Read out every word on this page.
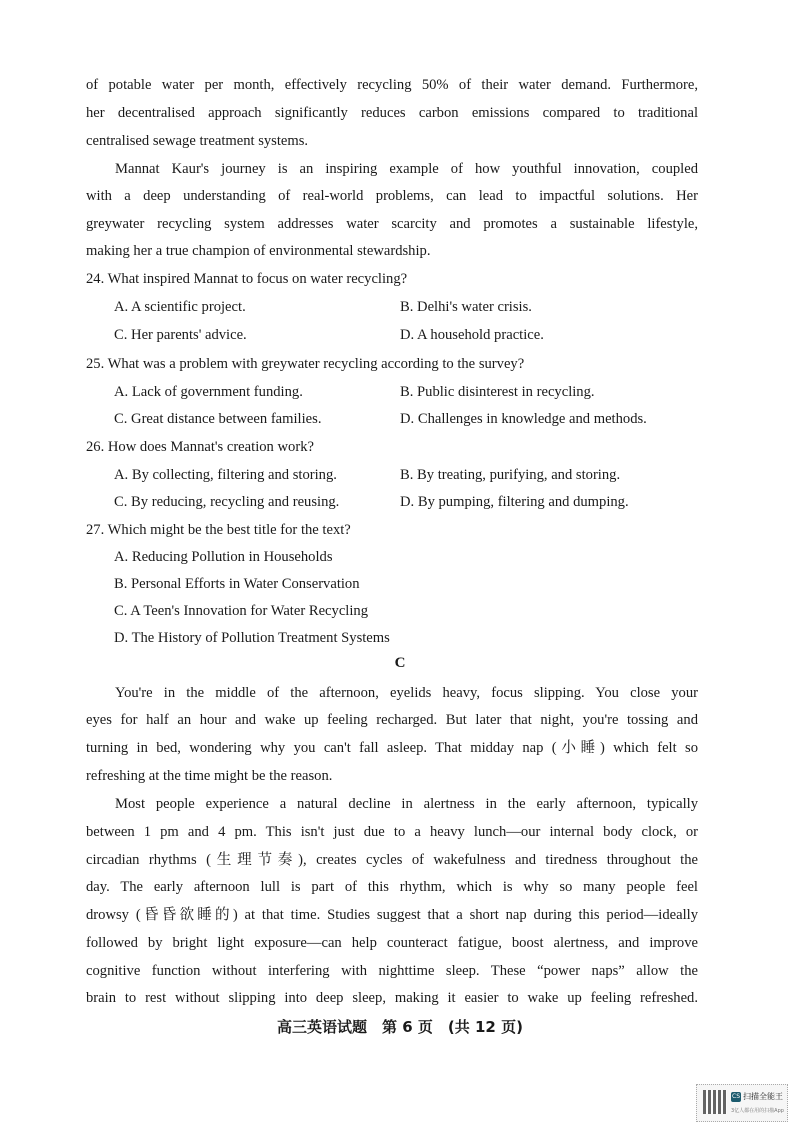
of potable water per month, effectively recycling 50% of their water demand. Furthermore,
her decentralised approach significantly reduces carbon emissions compared to traditional
centralised sewage treatment systems.
Mannat Kaur's journey is an inspiring example of how youthful innovation, coupled
with a deep understanding of real-world problems, can lead to impactful solutions. Her
greywater recycling system addresses water scarcity and promotes a sustainable lifestyle,
making her a true champion of environmental stewardship.
24. What inspired Mannat to focus on water recycling?
A. A scientific project.	B. Delhi's water crisis.
C. Her parents' advice.	D. A household practice.
25. What was a problem with greywater recycling according to the survey?
A. Lack of government funding.	B. Public disinterest in recycling.
C. Great distance between families.	D. Challenges in knowledge and methods.
26. How does Mannat's creation work?
A. By collecting, filtering and storing.	B. By treating, purifying, and storing.
C. By reducing, recycling and reusing.	D. By pumping, filtering and dumping.
27. Which might be the best title for the text?
A. Reducing Pollution in Households
B. Personal Efforts in Water Conservation
C. A Teen's Innovation for Water Recycling
D. The History of Pollution Treatment Systems
C
You're in the middle of the afternoon, eyelids heavy, focus slipping. You close your
eyes for half an hour and wake up feeling recharged. But later that night, you're tossing and
turning in bed, wondering why you can't fall asleep. That midday nap (小睡) which felt so
refreshing at the time might be the reason.
Most people experience a natural decline in alertness in the early afternoon, typically
between 1 pm and 4 pm. This isn't just due to a heavy lunch—our internal body clock, or
circadian rhythms (生理节奏), creates cycles of wakefulness and tiredness throughout the
day. The early afternoon lull is part of this rhythm, which is why so many people feel
drowsy (昏昏欲睡的) at that time. Studies suggest that a short nap during this period—ideally
followed by bright light exposure—can help counteract fatigue, boost alertness, and improve
cognitive function without interfering with nighttime sleep. These “power naps” allow the
brain to rest without slipping into deep sleep, making it easier to wake up feeling refreshed.
高三英语试题　第 6 页　(共 12 页)
CS 扫描全能王
3亿人都在用的扫描App
